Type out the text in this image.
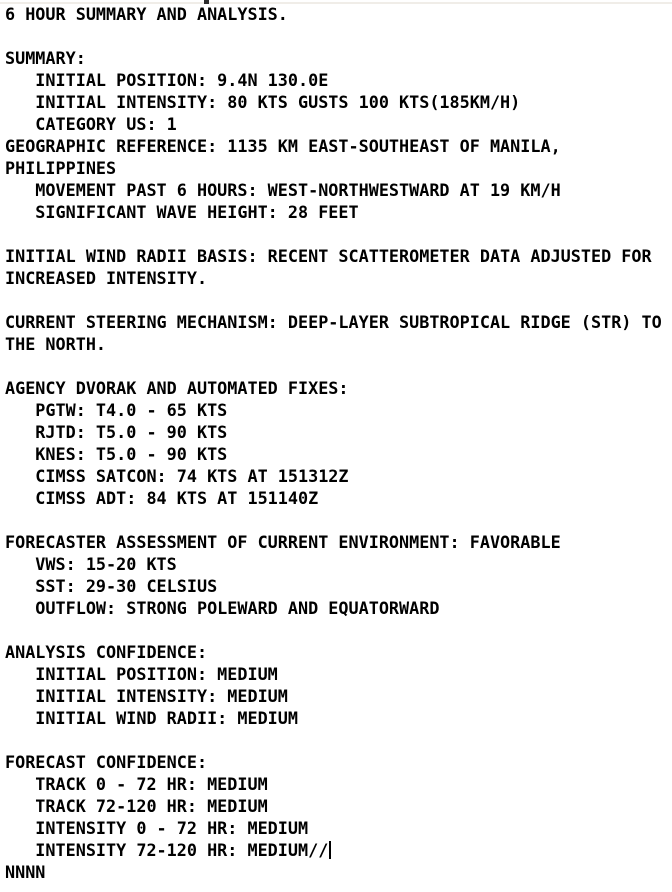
6 HOUR SUMMARY AND ANALYSIS.
SUMMARY:
INITIAL POSITION: 9.4N 130.0E
INITIAL INTENSITY: 80 KTS GUSTS 100 KTS(185KM/H)
CATEGORY US: 1
GEOGRAPHIC REFERENCE: 1135 KM EAST-SOUTHEAST OF MANILA,
PHILIPPINES
MOVEMENT PAST 6 HOURS: WEST-NORTHWESTWARD AT 19 KM/H
SIGNIFICANT WAVE HEIGHT: 28 FEET
INITIAL WIND RADII BASIS: RECENT SCATTEROMETER DATA ADJUSTED FOR
INCREASED INTENSITY.
CURRENT STEERING MECHANISM: DEEP-LAYER SUBTROPICAL RIDGE (STR) TO
THE NORTH.
AGENCY DVORAK AND AUTOMATED FIXES:
PGTW: T4.0 - 65 KTS
RJTD: T5.0 - 90 KTS
KNES: T5.0 - 90 KTS
CIMSS SATCON: 74 KTS AT 151312Z
CIMSS ADT: 84 KTS AT 151140Z
FORECASTER ASSESSMENT OF CURRENT ENVIRONMENT: FAVORABLE
VWS: 15-20 KTS
SST: 29-30 CELSIUS
OUTFLOW: STRONG POLEWARD AND EQUATORWARD
ANALYSIS CONFIDENCE:
INITIAL POSITION: MEDIUM
INITIAL INTENSITY: MEDIUM
INITIAL WIND RADII: MEDIUM
FORECAST CONFIDENCE:
TRACK 0 - 72 HR: MEDIUM
TRACK 72-120 HR: MEDIUM
INTENSITY 0 - 72 HR: MEDIUM
INTENSITY 72-120 HR: MEDIUM//
NNNN
